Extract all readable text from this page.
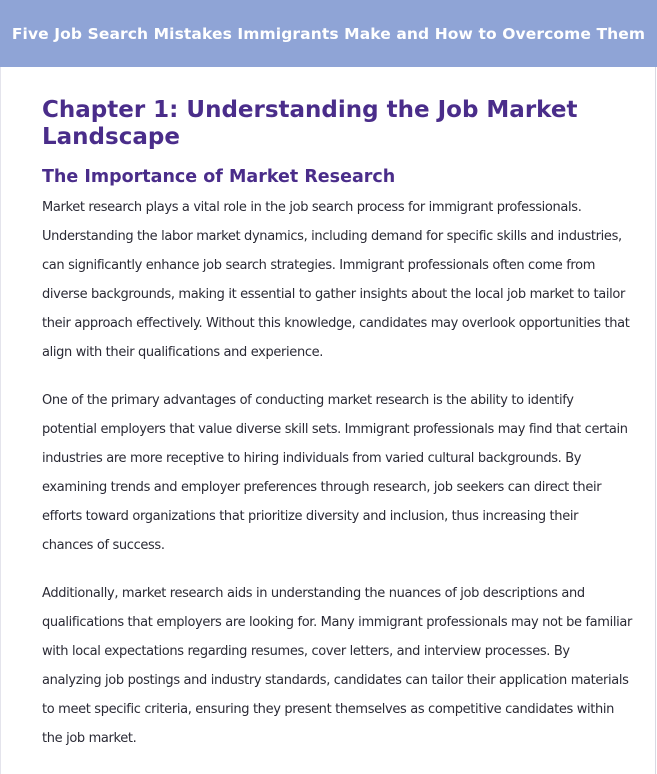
Five Job Search Mistakes Immigrants Make and How to Overcome Them
Chapter 1: Understanding the Job Market Landscape
The Importance of Market Research

Market research plays a vital role in the job search process for immigrant professionals. Understanding the labor market dynamics, including demand for specific skills and industries, can significantly enhance job search strategies. Immigrant professionals often come from diverse backgrounds, making it essential to gather insights about the local job market to tailor their approach effectively. Without this knowledge, candidates may overlook opportunities that align with their qualifications and experience.

One of the primary advantages of conducting market research is the ability to identify potential employers that value diverse skill sets. Immigrant professionals may find that certain industries are more receptive to hiring individuals from varied cultural backgrounds. By examining trends and employer preferences through research, job seekers can direct their efforts toward organizations that prioritize diversity and inclusion, thus increasing their chances of success.

Additionally, market research aids in understanding the nuances of job descriptions and qualifications that employers are looking for. Many immigrant professionals may not be familiar with local expectations regarding resumes, cover letters, and interview processes. By analyzing job postings and industry standards, candidates can tailor their application materials to meet specific criteria, ensuring they present themselves as competitive candidates within the job market.
